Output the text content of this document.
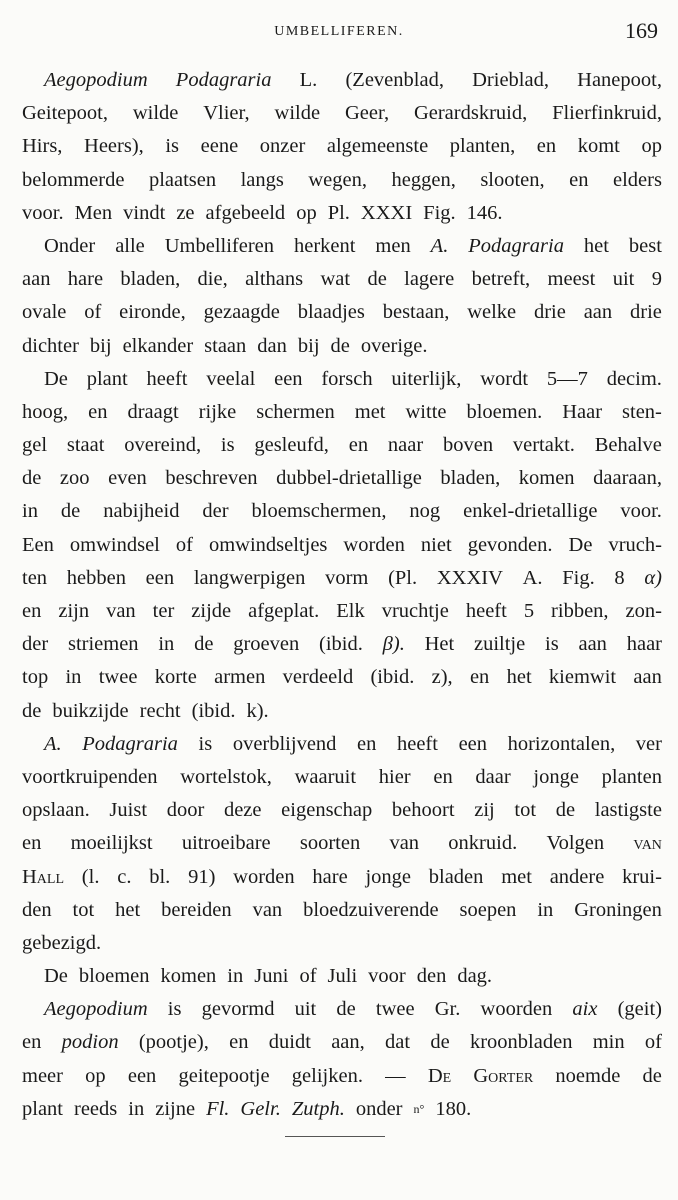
UMBELLIFEREN.	169
Aegopodium Podagraria L. (Zevenblad, Drieblad, Hanepoot,
Geitepoot, wilde Vlier, wilde Geer, Gerardskruid, Flierfinkruid,
Hirs, Heers), is eene onzer algemeenste planten, en komt op
belommerde plaatsen langs wegen, heggen, slooten, en elders
voor. Men vindt ze afgebeeld op Pl. XXXI Fig. 146.
Onder alle Umbelliferen herkent men A. Podagraria het best
aan hare bladen, die, althans wat de lagere betreft, meest uit 9
ovale of eironde, gezaagde blaadjes bestaan, welke drie aan drie
dichter bij elkander staan dan bij de overige.
De plant heeft veelal een forsch uiterlijk, wordt 5—7 decim.
hoog, en draagt rijke schermen met witte bloemen. Haar sten-
gel staat overeind, is gesleufd, en naar boven vertakt. Behalve
de zoo even beschreven dubbel-drietallige bladen, komen daaraan,
in de nabijheid der bloemschermen, nog enkel-drietallige voor.
Een omwindsel of omwindseltjes worden niet gevonden. De vruch-
ten hebben een langwerpigen vorm (Pl. XXXIV A. Fig. 8 α)
en zijn van ter zijde afgeplat. Elk vruchtje heeft 5 ribben, zon-
der striemen in de groeven (ibid. β). Het zuiltje is aan haar
top in twee korte armen verdeeld (ibid. z), en het kiemwit aan
de buikzijde recht (ibid. k).
A. Podagraria is overblijvend en heeft een horizontalen, ver
voortkruipenden wortelstok, waaruit hier en daar jonge planten
opslaan. Juist door deze eigenschap behoort zij tot de lastigste
en moeilijkst uitroeibare soorten van onkruid. Volgen van
Hall (l. c. bl. 91) worden hare jonge bladen met andere krui-
den tot het bereiden van bloedzuiverende soepen in Groningen
gebezigd.
De bloemen komen in Juni of Juli voor den dag.
Aegopodium is gevormd uit de twee Gr. woorden aix (geit)
en podion (pootje), en duidt aan, dat de kroonbladen min of
meer op een geitepootje gelijken. — De Gorter noemde de
plant reeds in zijne Fl. Gelr. Zutph. onder n° 180.
